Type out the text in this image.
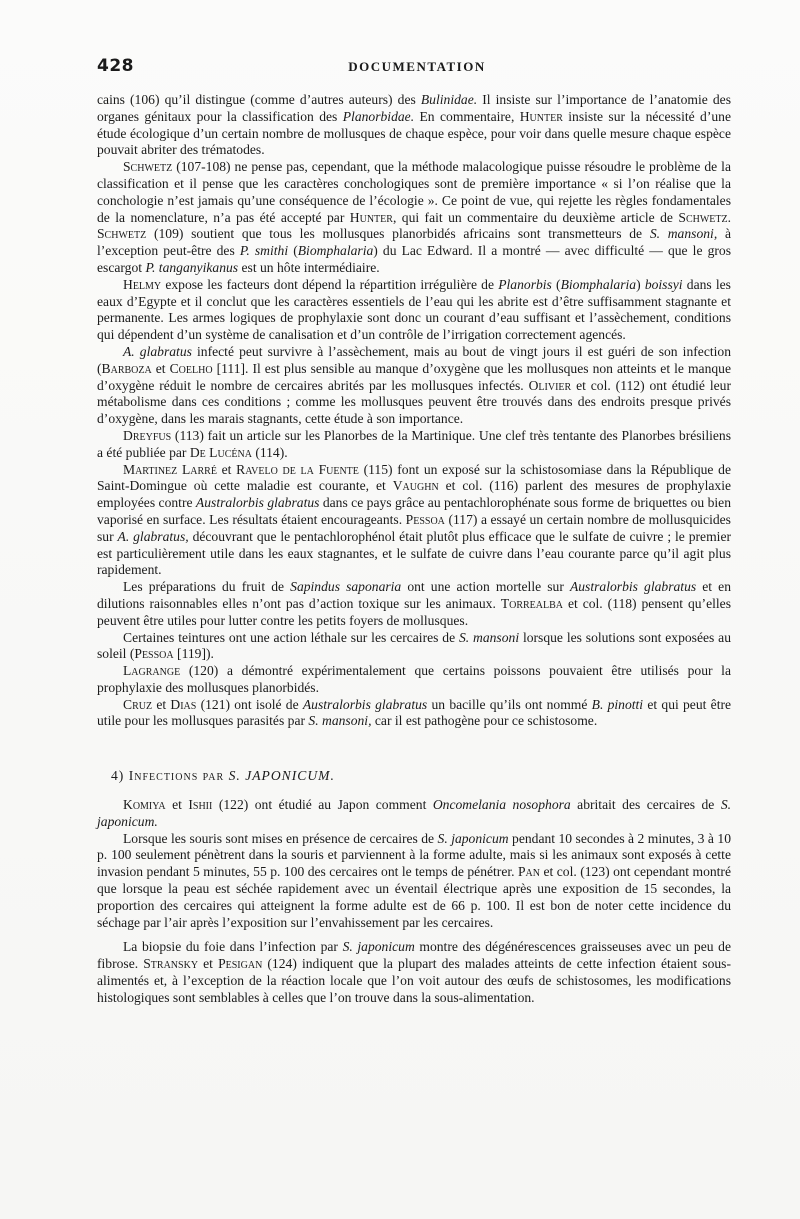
428	DOCUMENTATION

cains (106) qu’il distingue (comme d’autres auteurs) des Bulinidae. Il insiste sur l’importance de l’anatomie des organes génitaux pour la classification des Planorbidae. En commentaire, Hunter insiste sur la nécessité d’une étude écologique d’un certain nombre de mollusques de chaque espèce, pour voir dans quelle mesure chaque espèce pouvait abriter des trématodes.

Schwetz (107-108) ne pense pas, cependant, que la méthode malacologique puisse résoudre le problème de la classification et il pense que les caractères conchologiques sont de première importance « si l’on réalise que la conchologie n’est jamais qu’une conséquence de l’écologie ». Ce point de vue, qui rejette les règles fondamentales de la nomenclature, n’a pas été accepté par Hunter, qui fait un commentaire du deuxième article de Schwetz. Schwetz (109) soutient que tous les mollusques planorbidés africains sont transmetteurs de S. mansoni, à l’exception peut-être des P. smithi (Biomphalaria) du Lac Edward. Il a montré — avec difficulté — que le gros escargot P. tanganyikanus est un hôte intermédiaire.

Helmy expose les facteurs dont dépend la répartition irrégulière de Planorbis (Biomphalaria) boissyi dans les eaux d’Egypte et il conclut que les caractères essentiels de l’eau qui les abrite est d’être suffisamment stagnante et permanente. Les armes logiques de prophylaxie sont donc un courant d’eau suffisant et l’assèchement, conditions qui dépendent d’un système de canalisation et d’un contrôle de l’irrigation correctement agencés.

A. glabratus infecté peut survivre à l’assèchement, mais au bout de vingt jours il est guéri de son infection (Barboza et Coelho [111]. Il est plus sensible au manque d’oxygène que les mollusques non atteints et le manque d’oxygène réduit le nombre de cercaires abrités par les mollusques infectés. Olivier et col. (112) ont étudié leur métabolisme dans ces conditions ; comme les mollusques peuvent être trouvés dans des endroits presque privés d’oxygène, dans les marais stagnants, cette étude à son importance.

Dreyfus (113) fait un article sur les Planorbes de la Martinique. Une clef très tentante des Planorbes brésiliens a été publiée par De Lucéna (114).

Martinez Larré et Ravelo de la Fuente (115) font un exposé sur la schistosomiase dans la République de Saint-Domingue où cette maladie est courante, et Vaughn et col. (116) parlent des mesures de prophylaxie employées contre Australorbis glabratus dans ce pays grâce au pentachlorophénate sous forme de briquettes ou bien vaporisé en surface. Les résultats étaient encourageants. Pessoa (117) a essayé un certain nombre de mollusquicides sur A. glabratus, découvrant que le pentachlorophénol était plutôt plus efficace que le sulfate de cuivre ; le premier est particulièrement utile dans les eaux stagnantes, et le sulfate de cuivre dans l’eau courante parce qu’il agit plus rapidement.

Les préparations du fruit de Sapindus saponaria ont une action mortelle sur Australorbis glabratus et en dilutions raisonnables elles n’ont pas d’action toxique sur les animaux. Torrealba et col. (118) pensent qu’elles peuvent être utiles pour lutter contre les petits foyers de mollusques.

Certaines teintures ont une action léthale sur les cercaires de S. mansoni lorsque les solutions sont exposées au soleil (Pessoa [119]).

Lagrange (120) a démontré expérimentalement que certains poissons pouvaient être utilisés pour la prophylaxie des mollusques planorbidés.

Cruz et Dias (121) ont isolé de Australorbis glabratus un bacille qu’ils ont nommé B. pinotti et qui peut être utile pour les mollusques parasités par S. mansoni, car il est pathogène pour ce schistosome.

4) Infections par S. JAPONICUM.

Komiya et Ishii (122) ont étudié au Japon comment Oncomelania nosophora abritait des cercaires de S. japonicum.

Lorsque les souris sont mises en présence de cercaires de S. japonicum pendant 10 secondes à 2 minutes, 3 à 10 p. 100 seulement pénètrent dans la souris et parviennent à la forme adulte, mais si les animaux sont exposés à cette invasion pendant 5 minutes, 55 p. 100 des cercaires ont le temps de pénétrer. Pan et col. (123) ont cependant montré que lorsque la peau est séchée rapidement avec un éventail électrique après une exposition de 15 secondes, la proportion des cercaires qui atteignent la forme adulte est de 66 p. 100. Il est bon de noter cette incidence du séchage par l’air après l’exposition sur l’envahissement par les cercaires.

La biopsie du foie dans l’infection par S. japonicum montre des dégénérescences graisseuses avec un peu de fibrose. Stransky et Pesigan (124) indiquent que la plupart des malades atteints de cette infection étaient sous-alimentés et, à l’exception de la réaction locale que l’on voit autour des œufs de schistosomes, les modifications histologiques sont semblables à celles que l’on trouve dans la sous-alimentation.
